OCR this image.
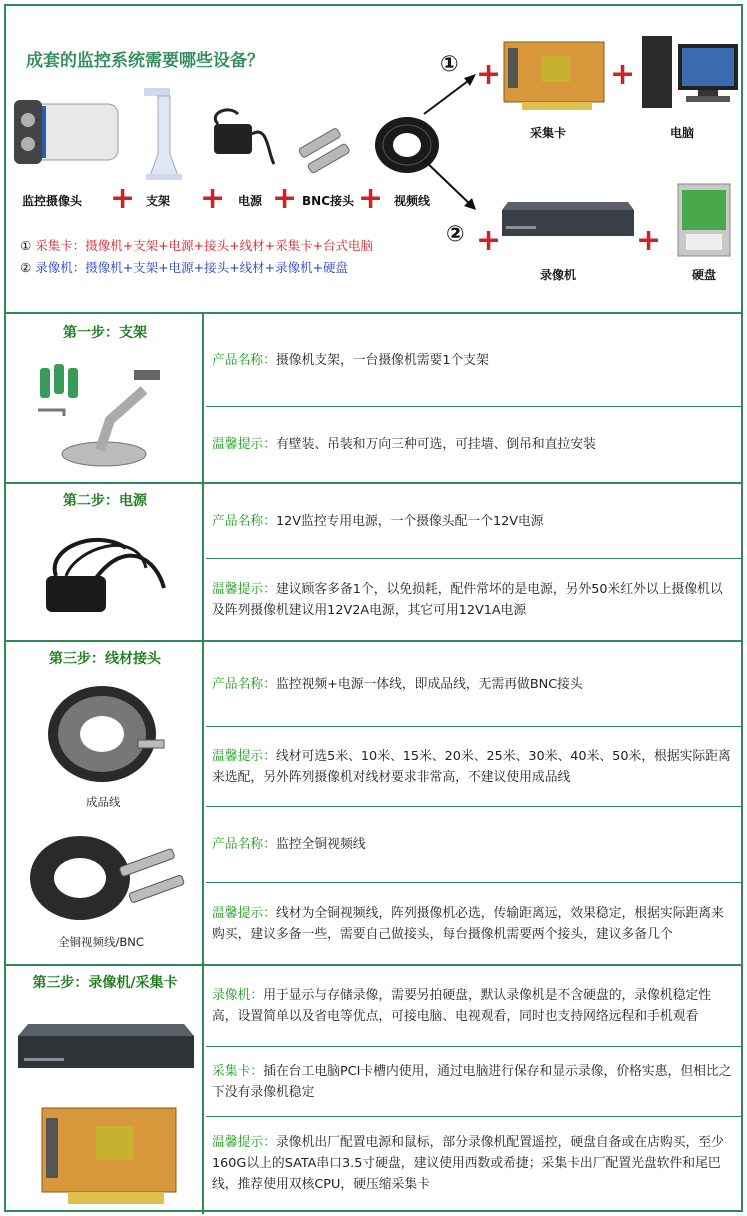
成套的监控系统需要哪些设备？
监控摄像头 + 支架 + 电源 + BNC接头 + 视频线
① +	+
采集卡	电脑
② +	+
录像机	硬盘
① 采集卡：摄像机+支架+电源+接头+线材+采集卡+台式电脑
② 录像机：摄像机+支架+电源+接头+线材+录像机+硬盘
第一步：支架
产品名称：摄像机支架，一台摄像机需要1个支架
温馨提示：有壁装、吊装和万向三种可选，可挂墙、倒吊和直拉安装
第二步：电源
产品名称：12V监控专用电源，一个摄像头配一个12V电源
温馨提示：建议顾客多备1个，以免损耗，配件常坏的是电源，另外50米红外以上摄像机以及阵列摄像机建议用12V2A电源，其它可用12V1A电源
第三步：线材接头
成品线
全铜视频线/BNC
产品名称：监控视频+电源一体线，即成品线，无需再做BNC接头
温馨提示：线材可选5米、10米、15米、20米、25米、30米、40米、50米，根据实际距离来选配，另外阵列摄像机对线材要求非常高，不建议使用成品线
产品名称：监控全铜视频线
温馨提示：线材为全铜视频线，阵列摄像机必选，传输距离远，效果稳定，根据实际距离来购买，建议多备一些，需要自己做接头，每台摄像机需要两个接头，建议多备几个
第三步：录像机/采集卡
录像机：用于显示与存储录像，需要另拍硬盘，默认录像机是不含硬盘的，录像机稳定性高，设置简单以及省电等优点，可接电脑、电视观看，同时也支持网络远程和手机观看
采集卡：插在台工电脑PCI卡槽内使用，通过电脑进行保存和显示录像，价格实惠，但相比之下没有录像机稳定
温馨提示：录像机出厂配置电源和鼠标，部分录像机配置遥控，硬盘自备或在店购买，至少160G以上的SATA串口3.5寸硬盘，建议使用西数或希捷；采集卡出厂配置光盘软件和尾巴线，推荐使用双核CPU，硬压缩采集卡
